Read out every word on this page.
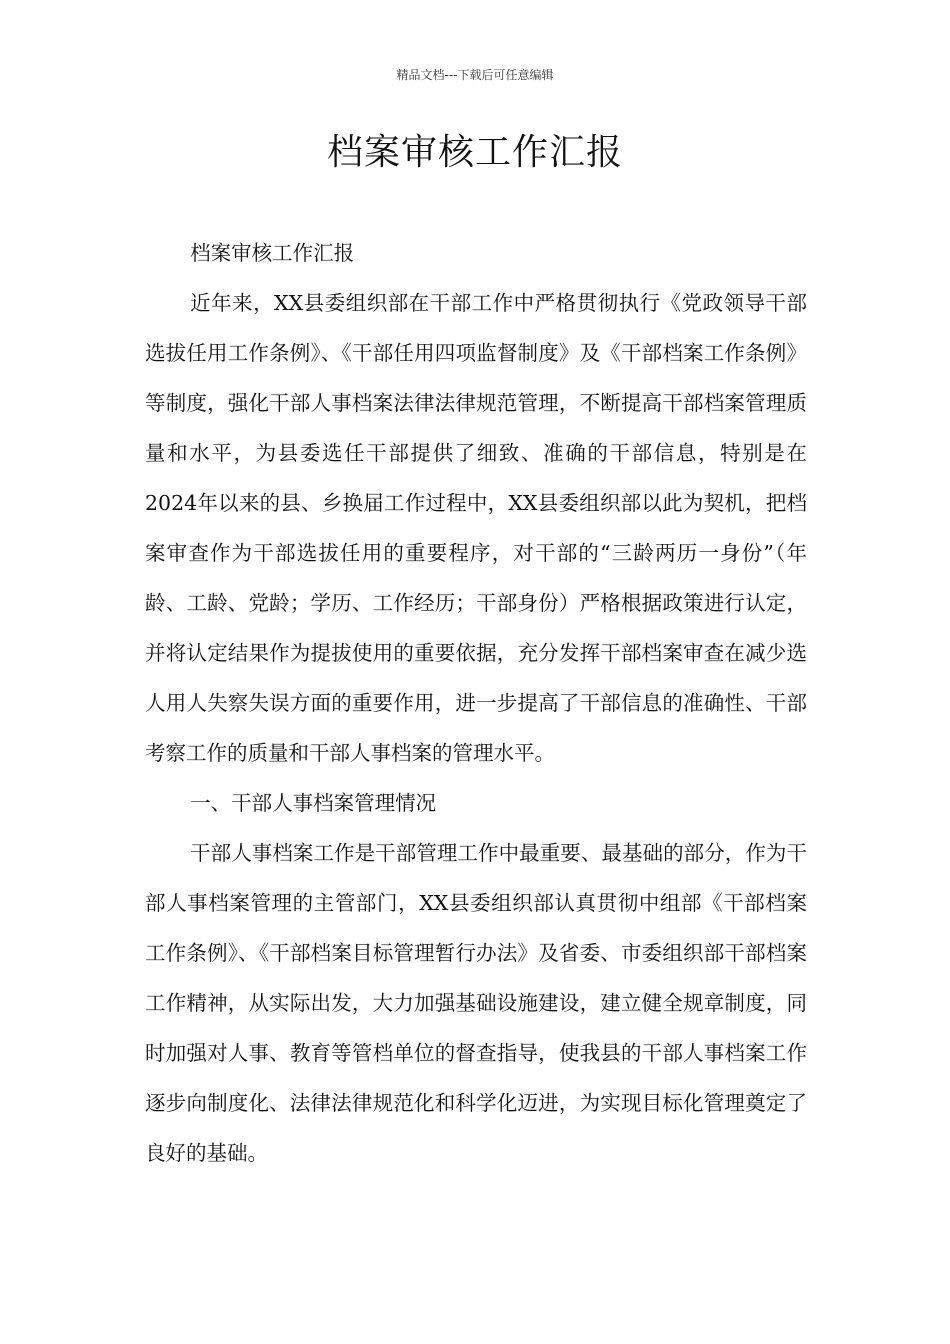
精品文档---下载后可任意编辑
档案审核工作汇报

档案审核工作汇报

近年来，XX县委组织部在干部工作中严格贯彻执行《党政领导干部选拔任用工作条例》、《干部任用四项监督制度》及《干部档案工作条例》等制度，强化干部人事档案法律法律规范管理，不断提高干部档案管理质量和水平，为县委选任干部提供了细致、准确的干部信息，特别是在2024年以来的县、乡换届工作过程中，XX县委组织部以此为契机，把档案审查作为干部选拔任用的重要程序，对干部的“三龄两历一身份”（年龄、工龄、党龄；学历、工作经历；干部身份）严格根据政策进行认定，并将认定结果作为提拔使用的重要依据，充分发挥干部档案审查在减少选人用人失察失误方面的重要作用，进一步提高了干部信息的准确性、干部考察工作的质量和干部人事档案的管理水平。

一、干部人事档案管理情况

干部人事档案工作是干部管理工作中最重要、最基础的部分，作为干部人事档案管理的主管部门，XX县委组织部认真贯彻中组部《干部档案工作条例》、《干部档案目标管理暂行办法》及省委、市委组织部干部档案工作精神，从实际出发，大力加强基础设施建设，建立健全规章制度，同时加强对人事、教育等管档单位的督查指导，使我县的干部人事档案工作逐步向制度化、法律法律规范化和科学化迈进，为实现目标化管理奠定了良好的基础。
